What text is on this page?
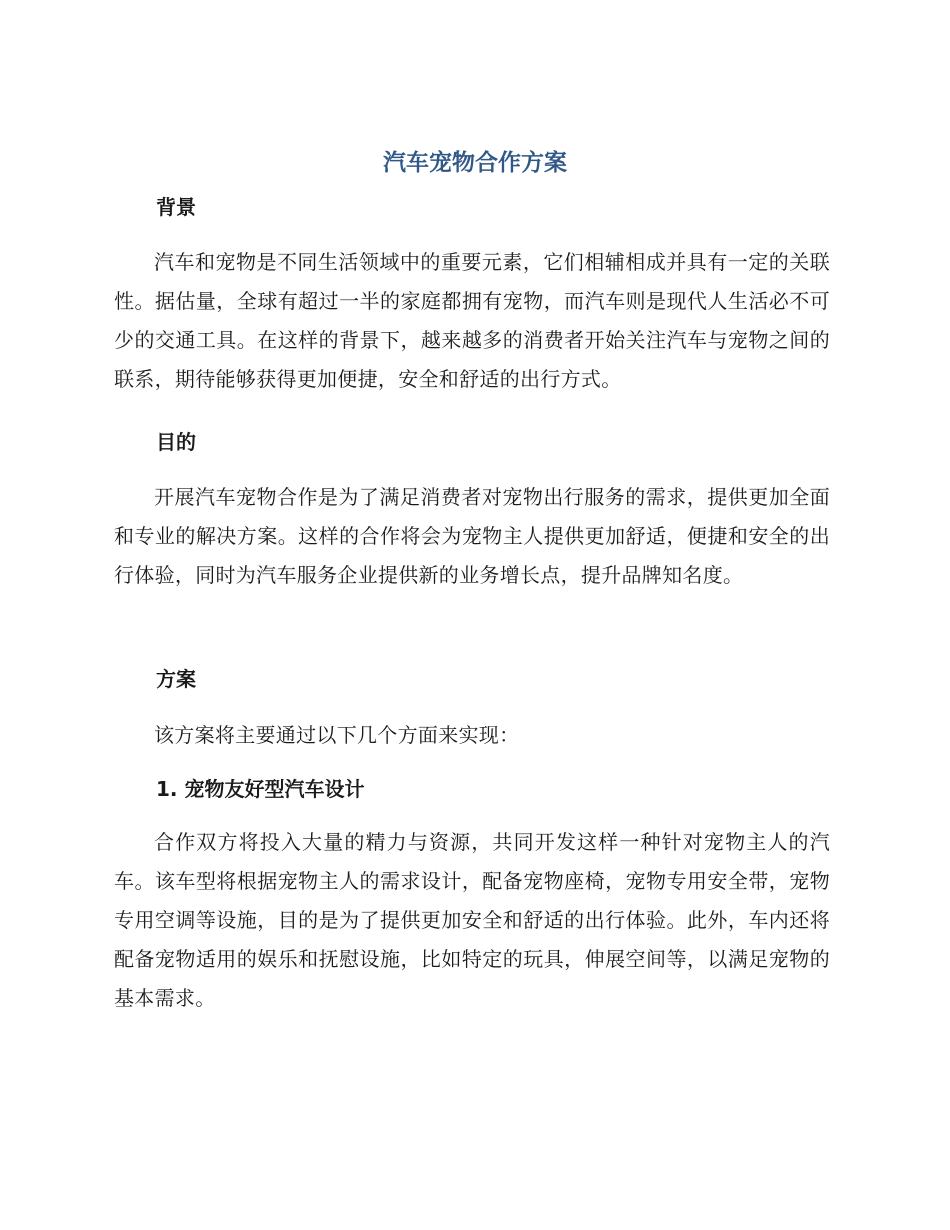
汽车宠物合作方案
背景

汽车和宠物是不同生活领域中的重要元素，它们相辅相成并具有一定的关联性。据估量，全球有超过一半的家庭都拥有宠物，而汽车则是现代人生活必不可少的交通工具。在这样的背景下，越来越多的消费者开始关注汽车与宠物之间的联系，期待能够获得更加便捷，安全和舒适的出行方式。

目的

开展汽车宠物合作是为了满足消费者对宠物出行服务的需求，提供更加全面和专业的解决方案。这样的合作将会为宠物主人提供更加舒适，便捷和安全的出行体验，同时为汽车服务企业提供新的业务增长点，提升品牌知名度。

方案

该方案将主要通过以下几个方面来实现：

1. 宠物友好型汽车设计

合作双方将投入大量的精力与资源，共同开发这样一种针对宠物主人的汽车。该车型将根据宠物主人的需求设计，配备宠物座椅，宠物专用安全带，宠物专用空调等设施，目的是为了提供更加安全和舒适的出行体验。此外，车内还将配备宠物适用的娱乐和抚慰设施，比如特定的玩具，伸展空间等，以满足宠物的基本需求。
